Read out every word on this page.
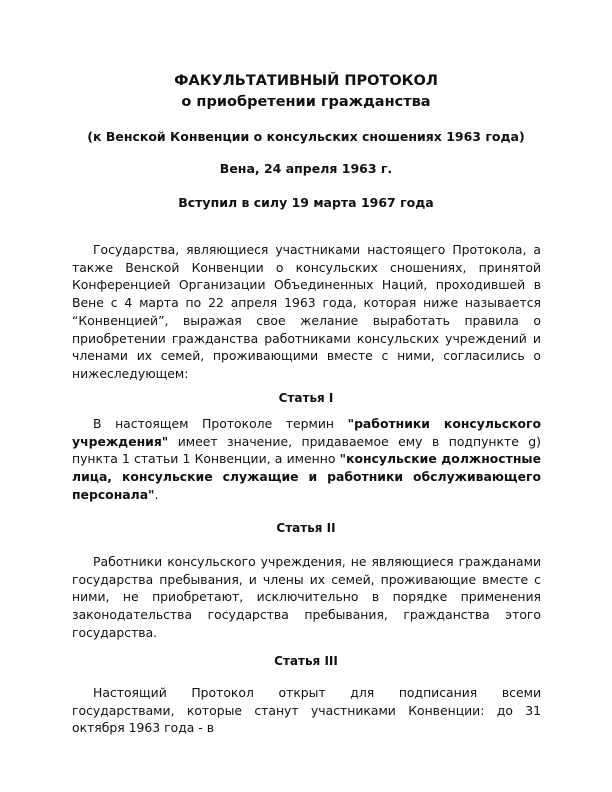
ФАКУЛЬТАТИВНЫЙ ПРОТОКОЛ
о приобретении гражданства
(к Венской Конвенции о консульских сношениях 1963 года)
Вена, 24 апреля 1963 г.
Вступил в силу 19 марта 1967 года

Государства, являющиеся участниками настоящего Протокола, а также Венской Конвенции о консульских сношениях, принятой Конференцией Организации Объединенных Наций, проходившей в Вене с 4 марта по 22 апреля 1963 года, которая ниже называется “Конвенцией”, выражая свое желание выработать правила о приобретении гражданства работниками консульских учреждений и членами их семей, проживающими вместе с ними, согласились о нижеследующем:

Статья I

В настоящем Протоколе термин "работники консульского учреждения" имеет значение, придаваемое ему в подпункте g) пункта 1 статьи 1 Конвенции, а именно "консульские должностные лица, консульские служащие и работники обслуживающего персонала".

Статья II

Работники консульского учреждения, не являющиеся гражданами государства пребывания, и члены их семей, проживающие вместе с ними, не приобретают, исключительно в порядке применения законодательства государства пребывания, гражданства этого государства.

Статья III

Настоящий Протокол открыт для подписания всеми государствами, которые станут участниками Конвенции: до 31 октября 1963 года - в
